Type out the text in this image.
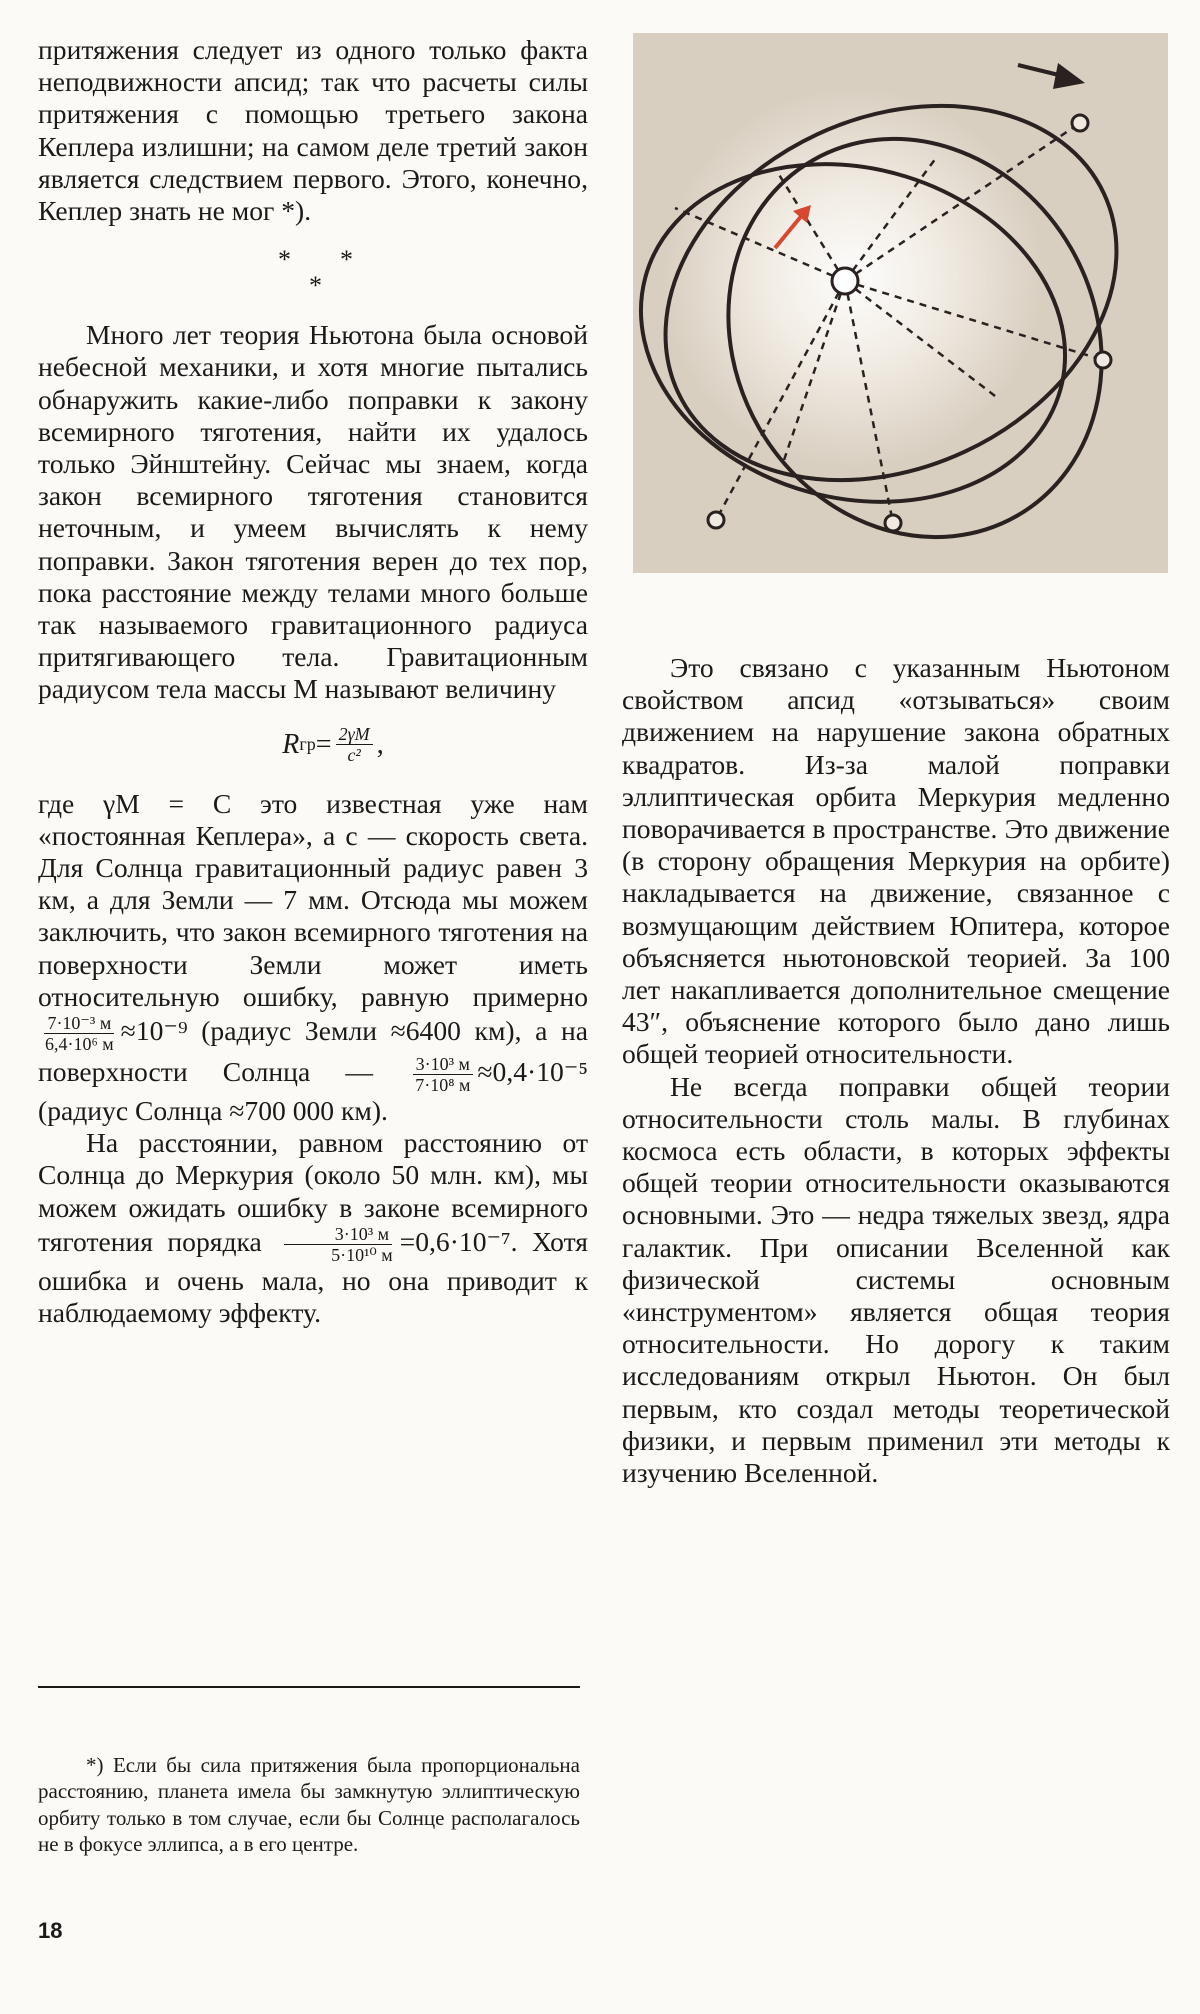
притяжения следует из одного только факта неподвижности апсид; так что расчеты силы притяжения с помощью третьего закона Кеплера излишни; на самом деле третий закон является следствием первого. Этого, конечно, Кеплер знать не мог *).

* *
*

Много лет теория Ньютона была основой небесной механики, и хотя многие пытались обнаружить какие-либо поправки к закону всемирного тяготения, найти их удалось только Эйнштейну. Сейчас мы знаем, когда закон всемирного тяготения становится неточным, и умеем вычислять к нему поправки. Закон тяготения верен до тех пор, пока расстояние между телами много больше так называемого гравитационного радиуса притягивающего тела. Гравитационным радиусом тела массы M называют величину

R гр = $\frac{2\gamma M}{\text{c²}}$ ,

где γM = C это известная уже нам «постоянная Кеплера», а c — скорость света. Для Солнца гравитационный радиус равен 3 км, а для Земли — 7 мм. Отсюда мы можем заключить, что закон всемирного тяготения на поверхности Земли может иметь относительную ошибку, равную примерно
$\frac{\text{7·10⁻³ м}}{\text{6,4·10⁶ м}} \approx 10^{-9}$ (радиус Земли ≈6400 км), а на поверхности Солнца — $\frac{\text{3·10³ м}}{\text{7·10⁸ м}} \approx 0,4\cdot 10^{-5}$ (радиус Солнца ≈700 000 км).

На расстоянии, равном расстоянию от Солнца до Меркурия (около 50 млн. км), мы можем ожидать ошибку в законе всемирного тяготения порядка $\frac{\text{3·10³ м}}{\text{5·10¹⁰ м}} =0,6\cdot 10^{-7}$. Хотя ошибка и очень мала, но она приводит к наблюдаемому эффекту.

Это связано с указанным Ньютоном свойством апсид «отзываться» своим движением на нарушение закона обратных квадратов. Из-за малой поправки эллиптическая орбита Меркурия медленно поворачивается в пространстве. Это движение (в сторону обращения Меркурия на орбите) накладывается на движение, связанное с возмущающим действием Юпитера, которое объясняется ньютоновской теорией. За 100 лет накапливается дополнительное смещение 43″, объяснение которого было дано лишь общей теорией относительности.

Не всегда поправки общей теории относительности столь малы. В глубинах космоса есть области, в которых эффекты общей теории относительности оказываются основными. Это — недра тяжелых звезд, ядра галактик. При описании Вселенной как физической системы основным «инструментом» является общая теория относительности. Но дорогу к таким исследованиям открыл Ньютон. Он был первым, кто создал методы теоретической физики, и первым применил эти методы к изучению Вселенной.

*) Если бы сила притяжения была пропорциональна расстоянию, планета имела бы замкнутую эллиптическую орбиту только в том случае, если бы Солнце располагалось не в фокусе эллипса, а в его центре.

18
